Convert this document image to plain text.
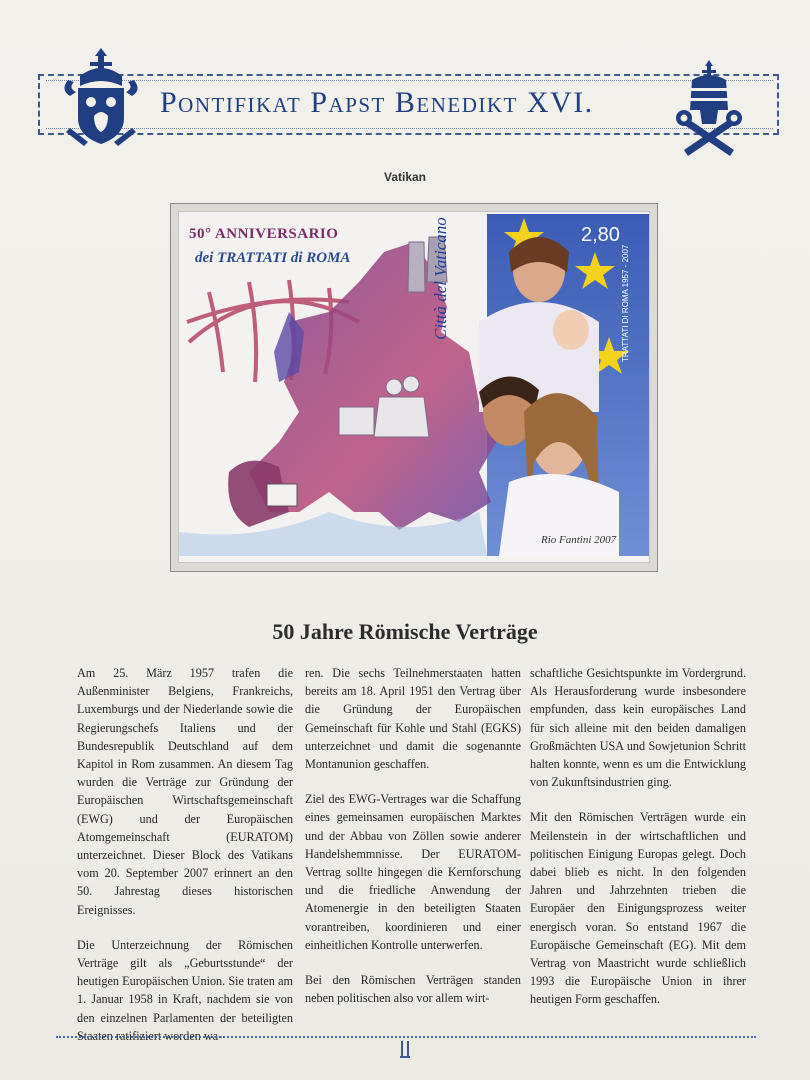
Pontifikat Papst Benedikt XVI.
Vatikan
50° ANNIVERSARIO
dei TRATTATI di ROMA	Città del Vaticano	2,80
TRATTATI DI ROMA 1957 - 2007
Rio Fantini 2007
50 Jahre Römische Verträge

Am 25. März 1957 trafen die Außenminister Belgiens, Frankreichs, Luxemburgs und der Niederlande sowie die Regierungschefs Italiens und der Bundesrepublik Deutschland auf dem Kapitol in Rom zusammen. An diesem Tag wurden die Verträge zur Gründung der Europäischen Wirtschaftsgemeinschaft (EWG) und der Europäischen Atomgemeinschaft (EURATOM) unterzeichnet. Dieser Block des Vatikans vom 20. September 2007 erinnert an den 50. Jahrestag dieses historischen Ereignisses.

Die Unterzeichnung der Römischen Verträge gilt als „Geburtsstunde“ der heutigen Europäischen Union. Sie traten am 1. Januar 1958 in Kraft, nachdem sie von den einzelnen Parlamenten der beteiligten Staaten ratifiziert worden wa-

ren. Die sechs Teilnehmerstaaten hatten bereits am 18. April 1951 den Vertrag über die Gründung der Europäischen Gemeinschaft für Kohle und Stahl (EGKS) unterzeichnet und damit die sogenannte Montanunion geschaffen.

Ziel des EWG-Vertrages war die Schaffung eines gemeinsamen europäischen Marktes und der Abbau von Zöllen sowie anderer Handelshemmnisse. Der EURATOM-Vertrag sollte hingegen die Kernforschung und die friedliche Anwendung der Atomenergie in den beteiligten Staaten vorantreiben, koordinieren und einer einheitlichen Kontrolle unterwerfen.

Bei den Römischen Verträgen standen neben politischen also vor allem wirt-

schaftliche Gesichtspunkte im Vordergrund. Als Herausforderung wurde insbesondere empfunden, dass kein europäisches Land für sich alleine mit den beiden damaligen Großmächten USA und Sowjetunion Schritt halten konnte, wenn es um die Entwicklung von Zukunftsindustrien ging.

Mit den Römischen Verträgen wurde ein Meilenstein in der wirtschaftlichen und politischen Einigung Europas gelegt. Doch dabei blieb es nicht. In den folgenden Jahren und Jahrzehnten trieben die Europäer den Einigungsprozess weiter energisch voran. So entstand 1967 die Europäische Gemeinschaft (EG). Mit dem Vertrag von Maastricht wurde schließlich 1993 die Europäische Union in ihrer heutigen Form geschaffen.
